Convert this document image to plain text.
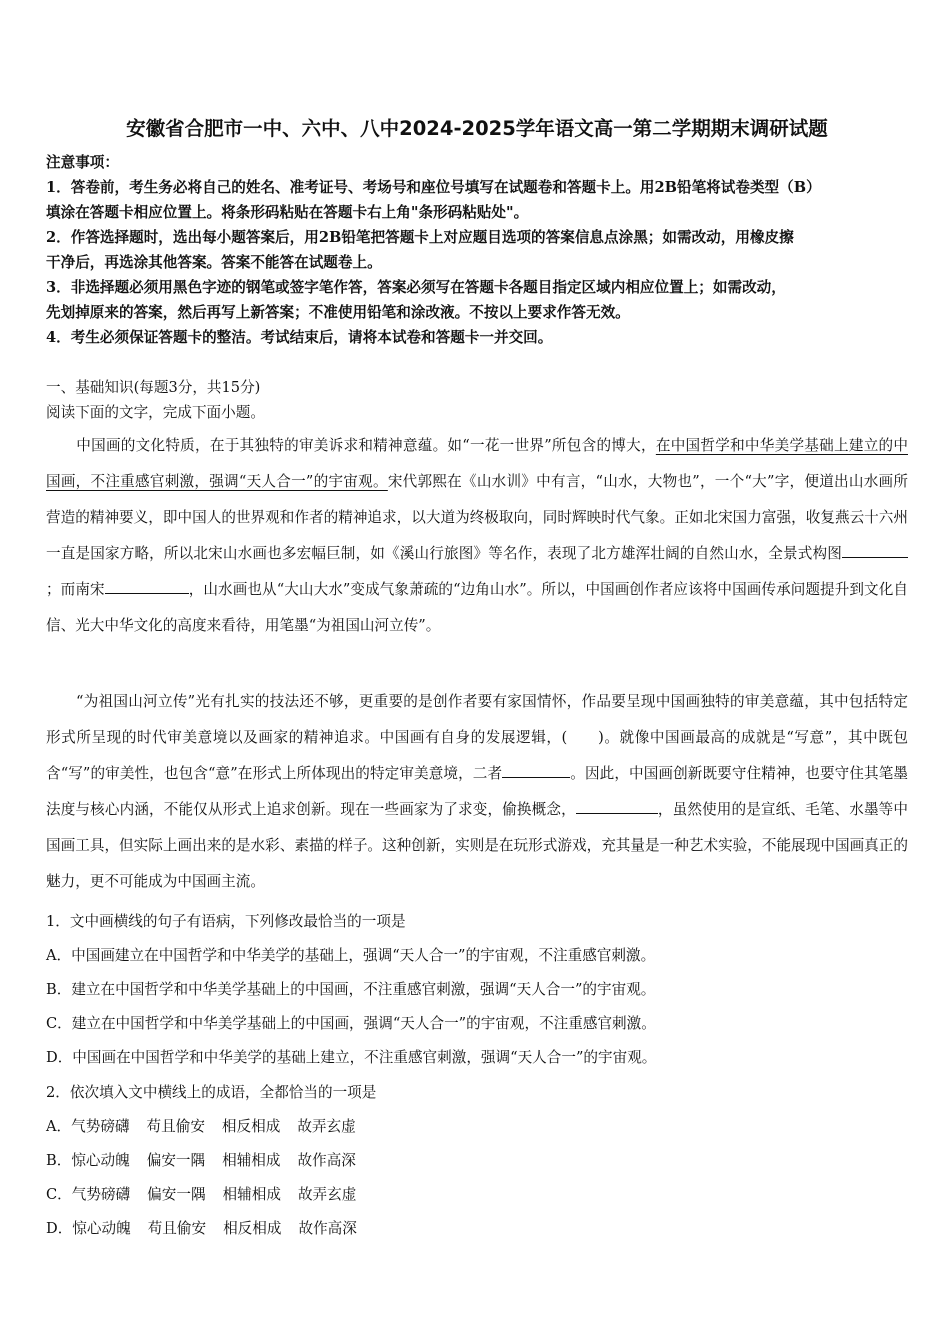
安徽省合肥市一中、六中、八中2024-2025学年语文高一第二学期期末调研试题
注意事项：
1．答卷前，考生务必将自己的姓名、准考证号、考场号和座位号填写在试题卷和答题卡上。用2B铅笔将试卷类型（B）
填涂在答题卡相应位置上。将条形码粘贴在答题卡右上角"条形码粘贴处"。
2．作答选择题时，选出每小题答案后，用2B铅笔把答题卡上对应题目选项的答案信息点涂黑；如需改动，用橡皮擦
干净后，再选涂其他答案。答案不能答在试题卷上。
3．非选择题必须用黑色字迹的钢笔或签字笔作答，答案必须写在答题卡各题目指定区域内相应位置上；如需改动，
先划掉原来的答案，然后再写上新答案；不准使用铅笔和涂改液。不按以上要求作答无效。
4．考生必须保证答题卡的整洁。考试结束后，请将本试卷和答题卡一并交回。
一、基础知识(每题3分，共15分)
阅读下面的文字，完成下面小题。
中国画的文化特质，在于其独特的审美诉求和精神意蕴。如“一花一世界”所包含的博大，在中国哲学和中华美学基础上建立的中国画，不注重感官刺激，强调“天人合一”的宇宙观。宋代郭熙在《山水训》中有言，“山水，大物也”，一个“大”字，便道出山水画所营造的精神要义，即中国人的世界观和作者的精神追求，以大道为终极取向，同时辉映时代气象。正如北宋国力富强，收复燕云十六州一直是国家方略，所以北宋山水画也多宏幅巨制，如《溪山行旅图》等名作，表现了北方雄浑壮阔的自然山水，全景式构图；而南宋	，山水画也从“大山大水”变成气象萧疏的“边角山水”。所以，中国画创作者应该将中国画传承问题提升到文化自信、光大中华文化的高度来看待，用笔墨“为祖国山河立传”。
“为祖国山河立传”光有扎实的技法还不够，更重要的是创作者要有家国情怀，作品要呈现中国画独特的审美意蕴，其中包括特定形式所呈现的时代审美意境以及画家的精神追求。中国画有自身的发展逻辑，(　　)。就像中国画最高的成就是“写意”，其中既包含“写”的审美性，也包含“意”在形式上所体现出的特定审美意境，二者	。因此，中国画创新既要守住精神，也要守住其笔墨法度与核心内涵，不能仅从形式上追求创新。现在一些画家为了求变，偷换概念，	，虽然使用的是宣纸、毛笔、水墨等中国画工具，但实际上画出来的是水彩、素描的样子。这种创新，实则是在玩形式游戏，充其量是一种艺术实验，不能展现中国画真正的魅力，更不可能成为中国画主流。
1．文中画横线的句子有语病，下列修改最恰当的一项是
A．中国画建立在中国哲学和中华美学的基础上，强调“天人合一”的宇宙观，不注重感官刺激。
B．建立在中国哲学和中华美学基础上的中国画，不注重感官刺激，强调“天人合一”的宇宙观。
C．建立在中国哲学和中华美学基础上的中国画，强调“天人合一”的宇宙观，不注重感官刺激。
D．中国画在中国哲学和中华美学的基础上建立，不注重感官刺激，强调“天人合一”的宇宙观。
2．依次填入文中横线上的成语，全都恰当的一项是
A．气势磅礴 苟且偷安 相反相成 故弄玄虚
B．惊心动魄 偏安一隅 相辅相成 故作高深
C．气势磅礴 偏安一隅 相辅相成 故弄玄虚
D．惊心动魄 苟且偷安 相反相成 故作高深
